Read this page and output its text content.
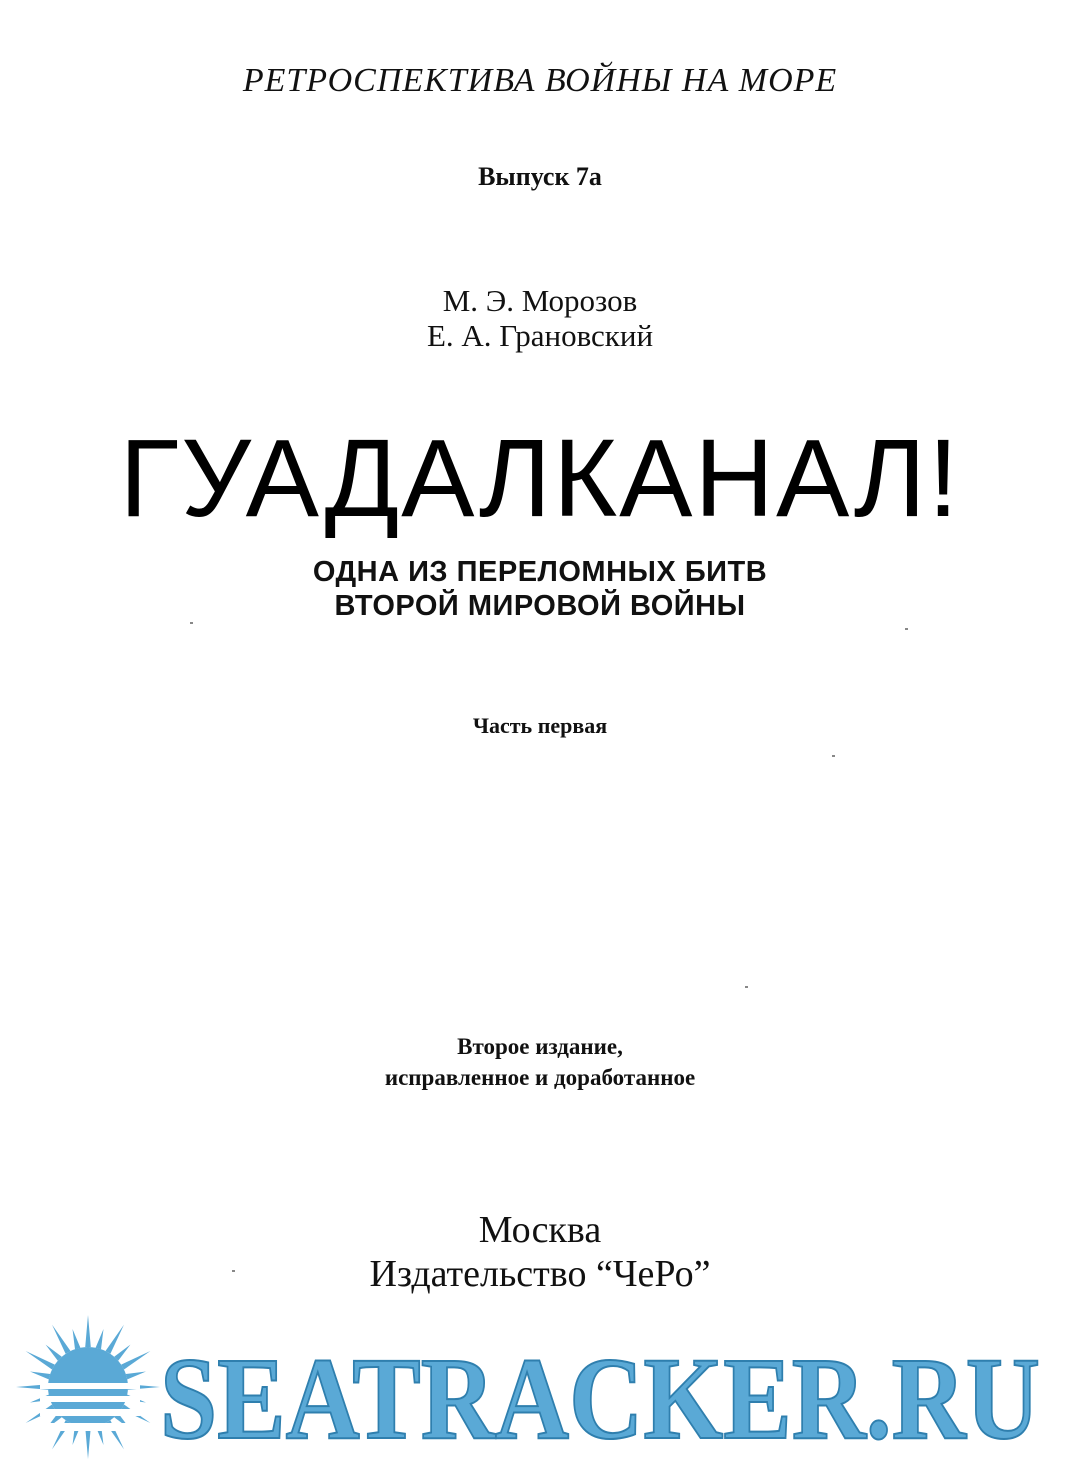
РЕТРОСПЕКТИВА ВОЙНЫ НА МОРЕ
Выпуск 7а
М. Э. Морозов
Е. А. Грановский
ГУАДАЛКАНАЛ!
ОДНА ИЗ ПЕРЕЛОМНЫХ БИТВ
ВТОРОЙ МИРОВОЙ ВОЙНЫ
Часть первая
Второе издание,
исправленное и доработанное
Москва
Издательство “ЧеРо”
SEATRACKER.RU
